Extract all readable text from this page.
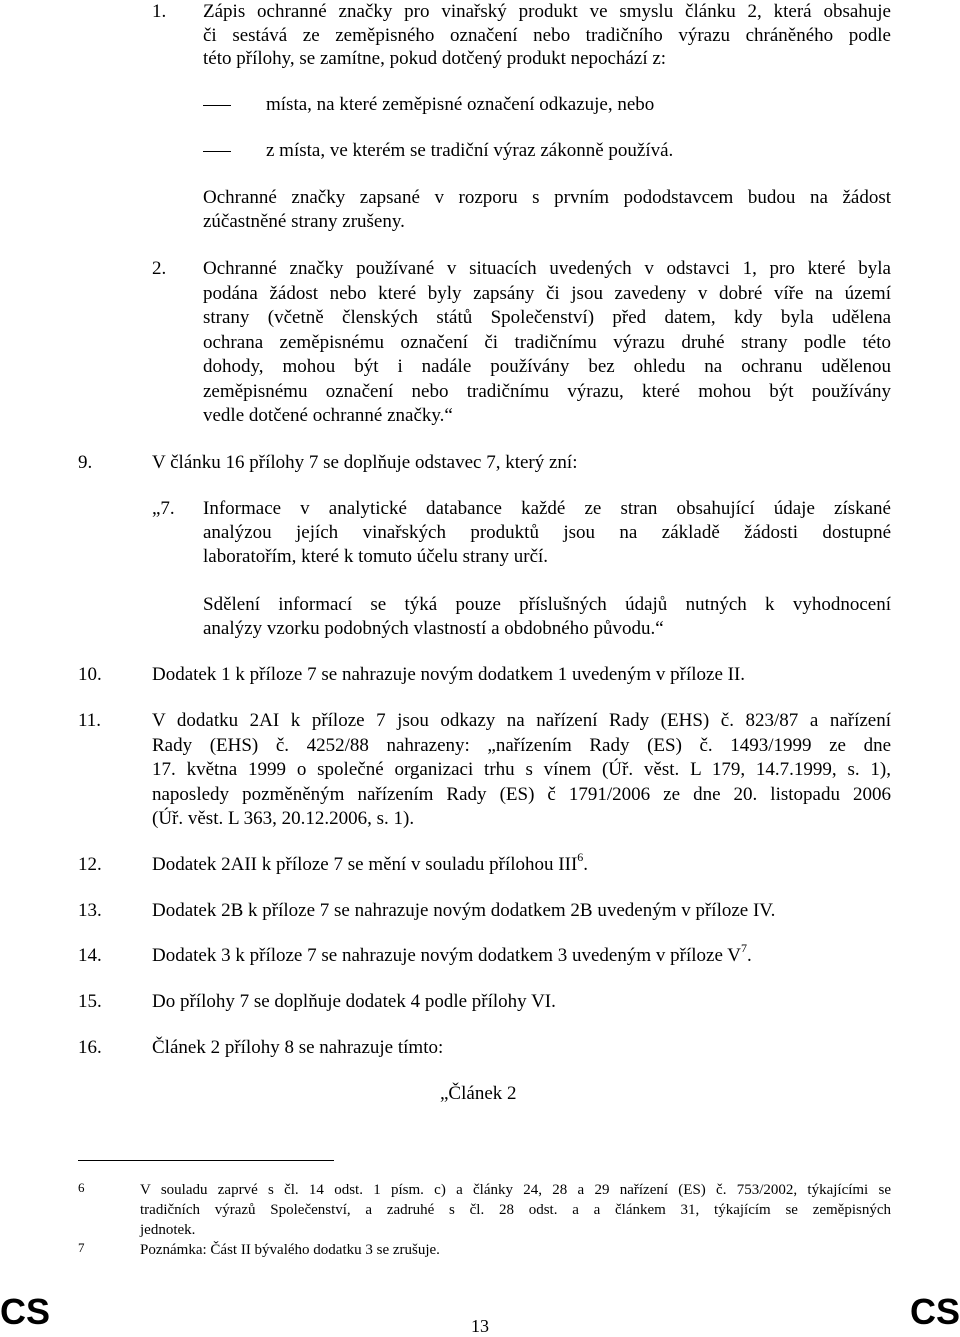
1. Zápis ochranné značky pro vinařský produkt ve smyslu článku 2, která obsahuje
či sestává ze zeměpisného označení nebo tradičního výrazu chráněného podle
této přílohy, se zamítne, pokud dotčený produkt nepochází z:
místa, na které zeměpisné označení odkazuje, nebo
z místa, ve kterém se tradiční výraz zákonně používá.
Ochranné značky zapsané v rozporu s prvním pododstavcem budou na žádost
zúčastněné strany zrušeny.
2. Ochranné značky používané v situacích uvedených v odstavci 1, pro které byla
podána žádost nebo které byly zapsány či jsou zavedeny v dobré víře na území
strany (včetně členských států Společenství) před datem, kdy byla udělena
ochrana zeměpisnému označení či tradičnímu výrazu druhé strany podle této
dohody, mohou být i nadále používány bez ohledu na ochranu udělenou
zeměpisnému označení nebo tradičnímu výrazu, které mohou být používány
vedle dotčené ochranné značky.“
9.	V článku 16 přílohy 7 se doplňuje odstavec 7, který zní:
„7. Informace v analytické databance každé ze stran obsahující údaje získané
analýzou jejích vinařských produktů jsou na základě žádosti dostupné
laboratořím, které k tomuto účelu strany určí.
Sdělení informací se týká pouze příslušných údajů nutných k vyhodnocení
analýzy vzorku podobných vlastností a obdobného původu.“
10.	Dodatek 1 k příloze 7 se nahrazuje novým dodatkem 1 uvedeným v příloze II.
11.	V dodatku 2AI k příloze 7 jsou odkazy na nařízení Rady (EHS) č. 823/87 a nařízení
Rady (EHS) č. 4252/88 nahrazeny: „nařízením Rady (ES) č. 1493/1999 ze dne
17. května 1999 o společné organizaci trhu s vínem (Úř. věst. L 179, 14.7.1999, s. 1),
naposledy pozměněným nařízením Rady (ES) č 1791/2006 ze dne 20. listopadu 2006
(Úř. věst. L 363, 20.12.2006, s. 1).
12.	Dodatek 2AII k příloze 7 se mění v souladu přílohou III$^6$.
13.	Dodatek 2B k příloze 7 se nahrazuje novým dodatkem 2B uvedeným v příloze IV.
14.	Dodatek 3 k příloze 7 se nahrazuje novým dodatkem 3 uvedeným v příloze $V^7$.
15.	Do přílohy 7 se doplňuje dodatek 4 podle přílohy VI.
16.	Článek 2 přílohy 8 se nahrazuje tímto:
„Článek 2
6	V souladu zaprvé s čl. 14 odst. 1 písm. c) a články 24, 28 a 29 nařízení (ES) č. 753/2002, týkajícími se
tradičních výrazů Společenství, a zadruhé s čl. 28 odst. a a článkem 31, týkajícím se zeměpisných
jednotek.
7	Poznámka: Část II bývalého dodatku 3 se zrušuje.
CS	13	CS
